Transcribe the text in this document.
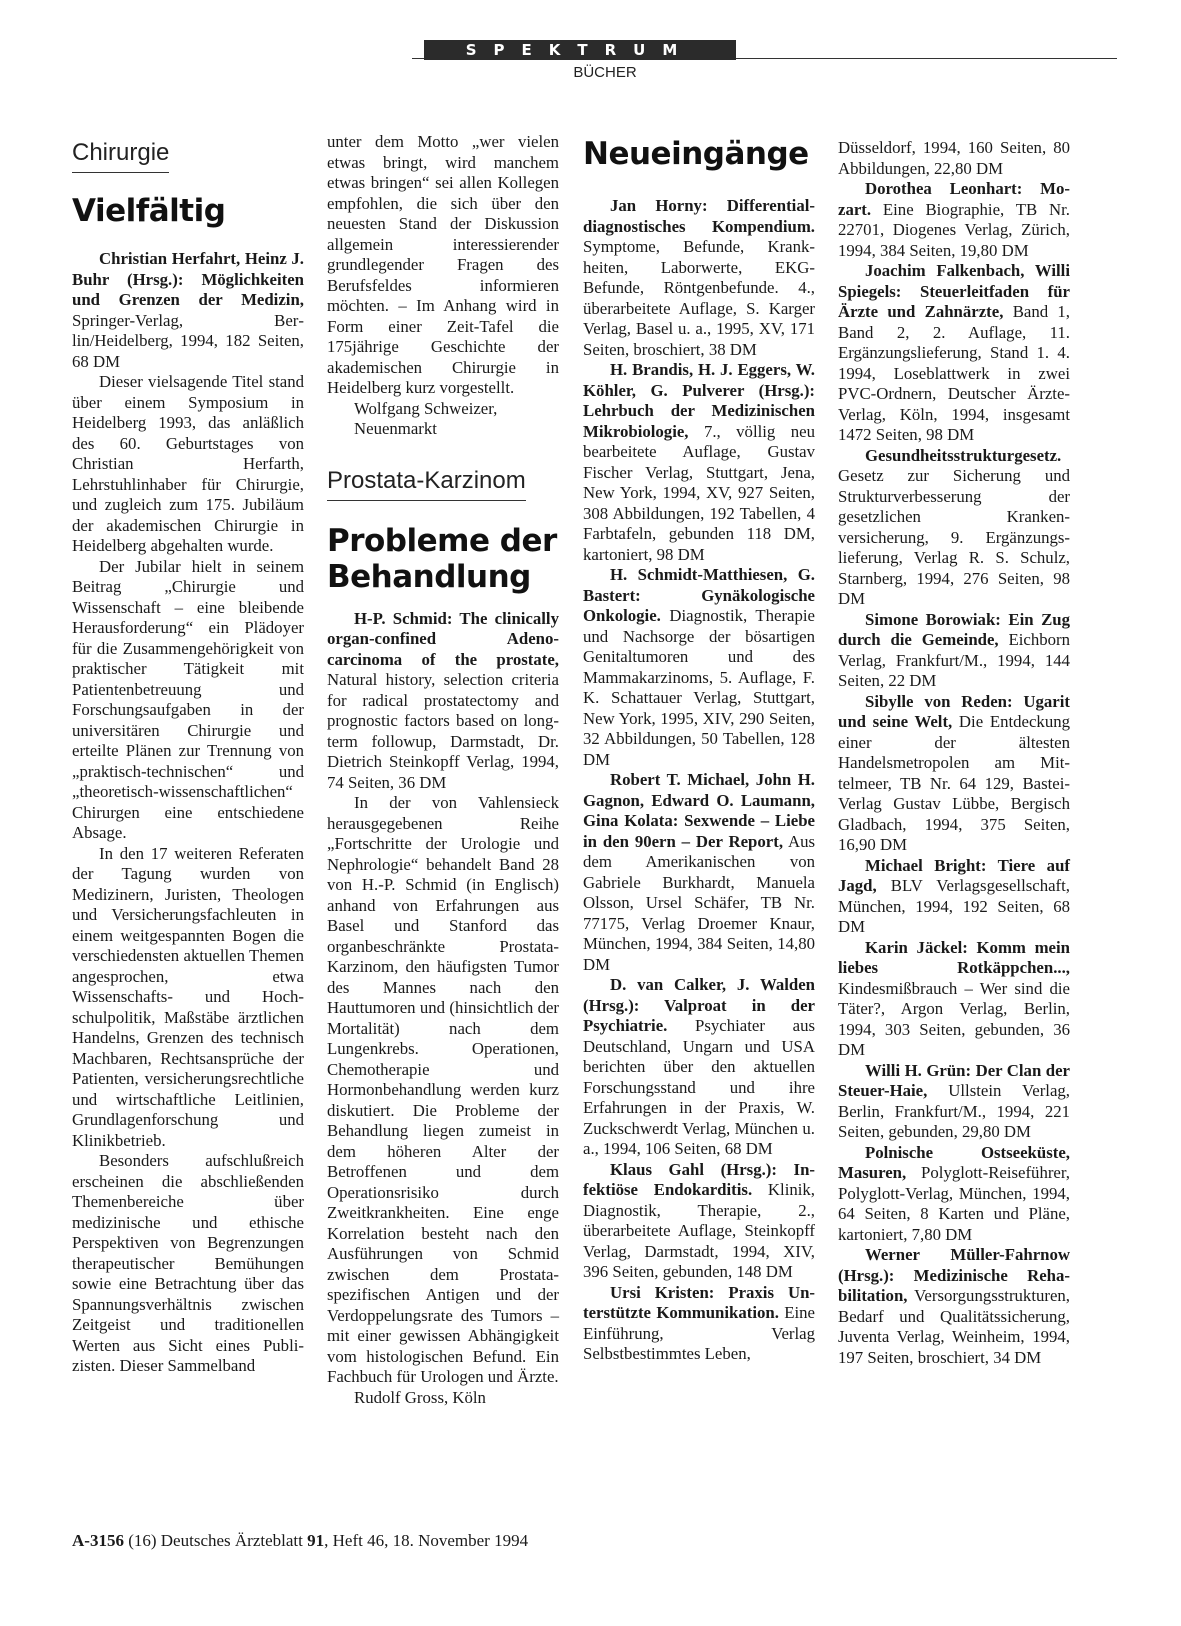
SPEKTRUM
BÜCHER
Chirurgie
Vielfältig

Christian Herfahrt, Heinz J. Buhr (Hrsg.): Möglichkeiten und Grenzen der Medizin, Springer-Verlag, Berlin/Heidelberg, 1994, 182 Seiten, 68 DM

Dieser vielsagende Titel stand über einem Symposium in Heidelberg 1993, das anläßlich des 60. Geburtstages von Christian Herfarth, Lehrstuhlinhaber für Chirurgie, und zugleich zum 175. Jubiläum der akademischen Chirurgie in Heidelberg abgehalten wurde.

Der Jubilar hielt in seinem Beitrag „Chirurgie und Wissenschaft – eine bleibende Herausforderung“ ein Plädoyer für die Zusammengehörigkeit von praktischer Tätigkeit mit Patientenbetreuung und Forschungsaufgaben in der universitären Chirurgie und erteilte Plänen zur Trennung von „praktisch-technischen“ und „theoretisch-wissenschaftlichen“ Chirurgen eine entschiedene Absage.

In den 17 weiteren Referaten der Tagung wurden von Medizinern, Juristen, Theologen und Versicherungsfachleuten in einem weitgespannten Bogen die verschiedensten aktuellen Themen angesprochen, etwa Wissenschafts- und Hochschulpolitik, Maßstäbe ärztlichen Handelns, Grenzen des technisch Machbaren, Rechtsansprüche der Patienten, versicherungsrechtliche und wirtschaftliche Leitlinien, Grundlagenforschung und Klinikbetrieb.

Besonders aufschlußreich erscheinen die abschließenden Themenbereiche über medizinische und ethische Perspektiven von Begrenzungen therapeutischer Bemühungen sowie eine Betrachtung über das Spannungsverhältnis zwischen Zeitgeist und traditionellen Werten aus Sicht eines Publizisten. Dieser Sammelband

unter dem Motto „wer vielen etwas bringt, wird manchem etwas bringen“ sei allen Kollegen empfohlen, die sich über den neuesten Stand der Diskussion allgemein interessierender grundlegender Fragen des Berufsfeldes informieren möchten. – Im Anhang wird in Form einer Zeit-Tafel die 175jährige Geschichte der akademischen Chirurgie in Heidelberg kurz vorgestellt.

Wolfgang Schweizer,

Neuenmarkt

Prostata-Karzinom
Probleme der
Behandlung

H-P. Schmid: The clinically organ-confined Adenocarcinoma of the prostate, Natural history, selection criteria for radical prostatectomy and prognostic factors based on long-term followup, Darmstadt, Dr. Dietrich Steinkopff Verlag, 1994, 74 Seiten, 36 DM

In der von Vahlensieck herausgegebenen Reihe „Fortschritte der Urologie und Nephrologie“ behandelt Band 28 von H.-P. Schmid (in Englisch) anhand von Erfahrungen aus Basel und Stanford das organbeschränkte Prostata-Karzinom, den häufigsten Tumor des Mannes nach den Hauttumoren und (hinsichtlich der Mortalität) nach dem Lungenkrebs. Operationen, Chemotherapie und Hormonbehandlung werden kurz diskutiert. Die Probleme der Behandlung liegen zumeist in dem höheren Alter der Betroffenen und dem Operationsrisiko durch Zweitkrankheiten. Eine enge Korrelation besteht nach den Ausführungen von Schmid zwischen dem Prostata-spezifischen Antigen und der Verdoppelungsrate des Tumors – mit einer gewissen Abhängigkeit vom histologischen Befund. Ein Fachbuch für Urologen und Ärzte.

Rudolf Gross, Köln

Neueingänge

Jan Horny: Differentialdiagnostisches Kompendium. Symptome, Befunde, Krankheiten, Laborwerte, EKG-Befunde, Röntgenbefunde. 4., überarbeitete Auflage, S. Karger Verlag, Basel u. a., 1995, XV, 171 Seiten, broschiert, 38 DM

H. Brandis, H. J. Eggers, W. Köhler, G. Pulverer (Hrsg.): Lehrbuch der Medizinischen Mikrobiologie, 7., völlig neu bearbeitete Auflage, Gustav Fischer Verlag, Stuttgart, Jena, New York, 1994, XV, 927 Seiten, 308 Abbildungen, 192 Tabellen, 4 Farbtafeln, gebunden 118 DM, kartoniert, 98 DM

H. Schmidt-Matthiesen, G. Bastert: Gynäkologische Onkologie. Diagnostik, Therapie und Nachsorge der bösartigen Genitaltumoren und des Mammakarzinoms, 5. Auflage, F. K. Schattauer Verlag, Stuttgart, New York, 1995, XIV, 290 Seiten, 32 Abbildungen, 50 Tabellen, 128 DM

Robert T. Michael, John H. Gagnon, Edward O. Laumann, Gina Kolata: Sexwende – Liebe in den 90ern – Der Report, Aus dem Amerikanischen von Gabriele Burkhardt, Manuela Olsson, Ursel Schäfer, TB Nr. 77175, Verlag Droemer Knaur, München, 1994, 384 Seiten, 14,80 DM

D. van Calker, J. Walden (Hrsg.): Valproat in der Psychiatrie. Psychiater aus Deutschland, Ungarn und USA berichten über den aktuellen Forschungsstand und ihre Erfahrungen in der Praxis, W. Zuckschwerdt Verlag, München u. a., 1994, 106 Seiten, 68 DM

Klaus Gahl (Hrsg.): Infektiöse Endokarditis. Klinik, Diagnostik, Therapie, 2., überarbeitete Auflage, Steinkopff Verlag, Darmstadt, 1994, XIV, 396 Seiten, gebunden, 148 DM

Ursi Kristen: Praxis Unterstützte Kommunikation. Eine Einführung, Verlag Selbstbestimmtes Leben,

Düsseldorf, 1994, 160 Seiten, 80 Abbildungen, 22,80 DM

Dorothea Leonhart: Mozart. Eine Biographie, TB Nr. 22701, Diogenes Verlag, Zürich, 1994, 384 Seiten, 19,80 DM

Joachim Falkenbach, Willi Spiegels: Steuerleitfaden für Ärzte und Zahnärzte, Band 1, Band 2, 2. Auflage, 11. Ergänzungslieferung, Stand 1. 4. 1994, Loseblattwerk in zwei PVC-Ordnern, Deutscher Ärzte-Verlag, Köln, 1994, insgesamt 1472 Seiten, 98 DM

Gesundheitsstrukturgesetz. Gesetz zur Sicherung und Strukturverbesserung der gesetzlichen Krankenversicherung, 9. Ergänzungslieferung, Verlag R. S. Schulz, Starnberg, 1994, 276 Seiten, 98 DM

Simone Borowiak: Ein Zug durch die Gemeinde, Eichborn Verlag, Frankfurt/M., 1994, 144 Seiten, 22 DM

Sibylle von Reden: Ugarit und seine Welt, Die Entdeckung einer der ältesten Handelsmetropolen am Mittelmeer, TB Nr. 64 129, Bastei-Verlag Gustav Lübbe, Bergisch Gladbach, 1994, 375 Seiten, 16,90 DM

Michael Bright: Tiere auf Jagd, BLV Verlagsgesellschaft, München, 1994, 192 Seiten, 68 DM

Karin Jäckel: Komm mein liebes Rotkäppchen..., Kindesmißbrauch – Wer sind die Täter?, Argon Verlag, Berlin, 1994, 303 Seiten, gebunden, 36 DM

Willi H. Grün: Der Clan der Steuer-Haie, Ullstein Verlag, Berlin, Frankfurt/M., 1994, 221 Seiten, gebunden, 29,80 DM

Polnische Ostseeküste, Masuren, Polyglott-Reiseführer, Polyglott-Verlag, München, 1994, 64 Seiten, 8 Karten und Pläne, kartoniert, 7,80 DM

Werner Müller-Fahrnow (Hrsg.): Medizinische Rehabilitation, Versorgungsstrukturen, Bedarf und Qualitätssicherung, Juventa Verlag, Weinheim, 1994, 197 Seiten, broschiert, 34 DM

A-3156 (16) Deutsches Ärzteblatt 91, Heft 46, 18. November 1994
